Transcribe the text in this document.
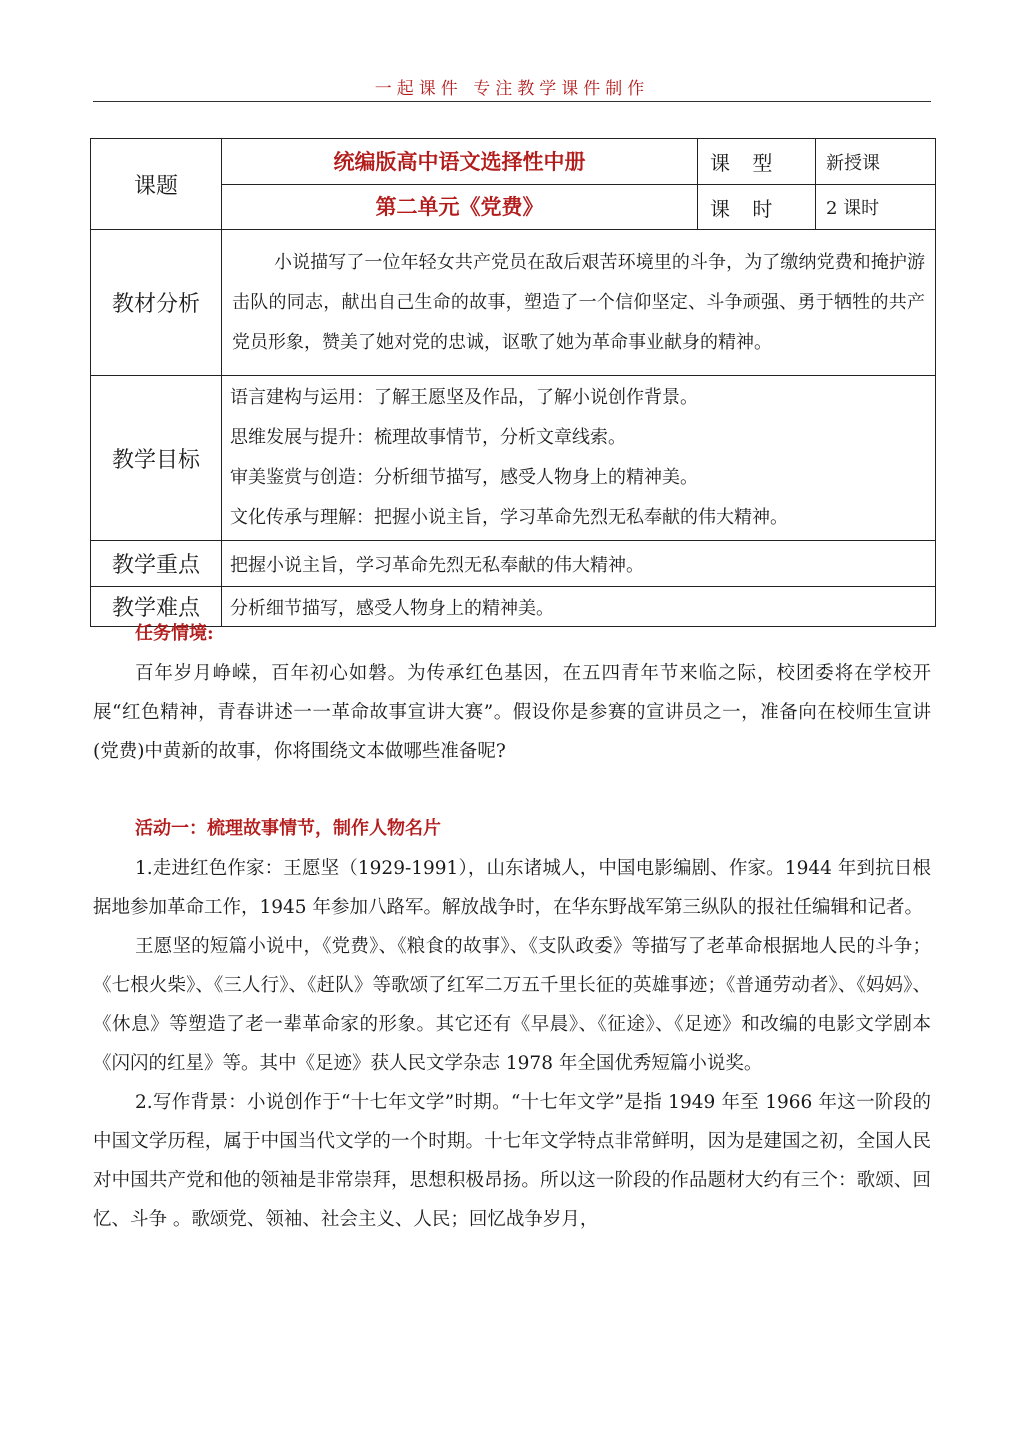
一起课件 专注教学课件制作
课题	统编版高中语文选择性中册	课 型	新授课
	第二单元《党费》	课 时	2 课时
教材分析	小说描写了一位年轻女共产党员在敌后艰苦环境里的斗争，为了缴纳党费和掩护游击队的同志，献出自己生命的故事，塑造了一个信仰坚定、斗争顽强、勇于牺牲的共产党员形象，赞美了她对党的忠诚，讴歌了她为革命事业献身的精神。		

教学目标	语言建构与运用：了解王愿坚及作品，了解小说创作背景。
思维发展与提升：梳理故事情节，分析文章线索。
审美鉴赏与创造：分析细节描写，感受人物身上的精神美。
文化传承与理解：把握小说主旨，学习革命先烈无私奉献的伟大精神。		

教学重点	把握小说主旨，学习革命先烈无私奉献的伟大精神。		
教学难点	分析细节描写，感受人物身上的精神美。		
任务情境:

百年岁月峥嵘，百年初心如磐。为传承红色基因，在五四青年节来临之际，校团委将在学校开展“红色精神，青春讲述一一革命故事宣讲大赛”。假设你是参赛的宣讲员之一，准备向在校师生宣讲(党费)中黄新的故事，你将围绕文本做哪些准备呢?

活动一：梳理故事情节，制作人物名片

1.走进红色作家：王愿坚（1929-1991），山东诸城人，中国电影编剧、作家。1944 年到抗日根据地参加革命工作，1945 年参加八路军。解放战争时，在华东野战军第三纵队的报社任编辑和记者。

王愿坚的短篇小说中，《党费》、《粮食的故事》、《支队政委》等描写了老革命根据地人民的斗争；《七根火柴》、《三人行》、《赶队》等歌颂了红军二万五千里长征的英雄事迹；《普通劳动者》、《妈妈》、《休息》等塑造了老一辈革命家的形象。其它还有《早晨》、《征途》、《足迹》和改编的电影文学剧本《闪闪的红星》等。其中《足迹》获人民文学杂志 1978 年全国优秀短篇小说奖。

2.写作背景：小说创作于“十七年文学”时期。“十七年文学”是指 1949 年至 1966 年这一阶段的中国文学历程，属于中国当代文学的一个时期。十七年文学特点非常鲜明，因为是建国之初，全国人民对中国共产党和他的领袖是非常崇拜，思想积极昂扬。所以这一阶段的作品题材大约有三个：歌颂、回忆、斗争 。歌颂党、领袖、社会主义、人民；回忆战争岁月，
